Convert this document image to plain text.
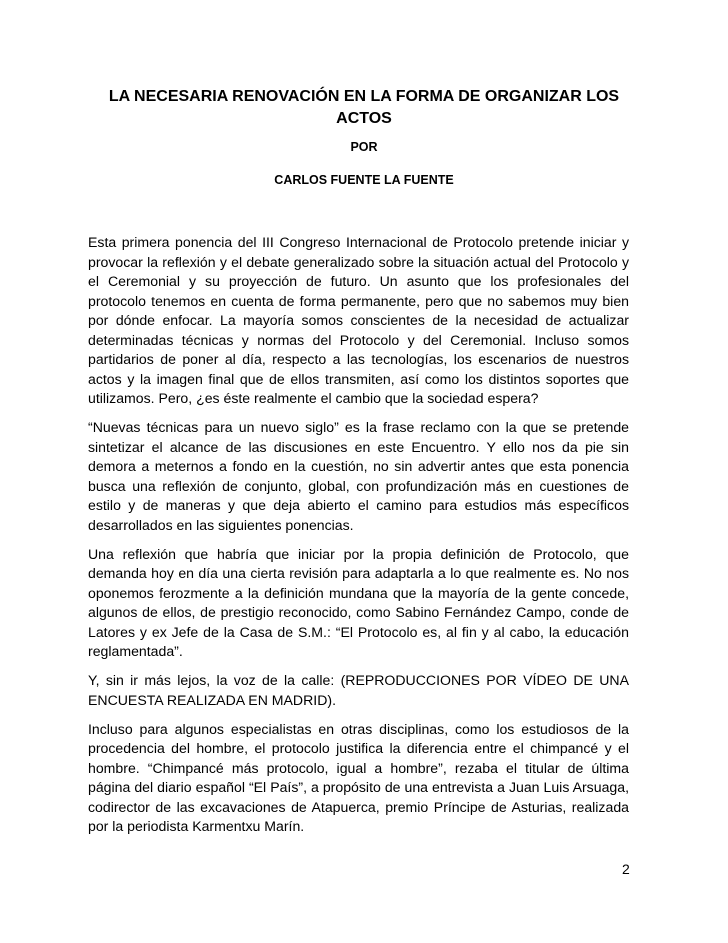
LA NECESARIA RENOVACIÓN EN LA FORMA DE ORGANIZAR LOS ACTOS

POR

CARLOS FUENTE LA FUENTE

Esta primera ponencia del III Congreso Internacional de Protocolo pretende iniciar y provocar la reflexión y el debate generalizado sobre la situación actual del Protocolo y el Ceremonial y su proyección de futuro. Un asunto que los profesionales del protocolo tenemos en cuenta de forma permanente, pero que no sabemos muy bien por dónde enfocar. La mayoría somos conscientes de la necesidad de actualizar determinadas técnicas y normas del Protocolo y del Ceremonial. Incluso somos partidarios de poner al día, respecto a las tecnologías, los escenarios de nuestros actos y la imagen final que de ellos transmiten, así como los distintos soportes que utilizamos. Pero, ¿es éste realmente el cambio que la sociedad espera?

“Nuevas técnicas para un nuevo siglo” es la frase reclamo con la que se pretende sintetizar el alcance de las discusiones en este Encuentro. Y ello nos da pie sin demora a meternos a fondo en la cuestión, no sin advertir antes que esta ponencia busca una reflexión de conjunto, global, con profundización más en cuestiones de estilo y de maneras y que deja abierto el camino para estudios más específicos desarrollados en las siguientes ponencias.

Una reflexión que habría que iniciar por la propia definición de Protocolo, que demanda hoy en día una cierta revisión para adaptarla a lo que realmente es. No nos oponemos ferozmente a la definición mundana que la mayoría de la gente concede, algunos de ellos, de prestigio reconocido, como Sabino Fernández Campo, conde de Latores y ex Jefe de la Casa de S.M.: “El Protocolo es, al fin y al cabo, la educación reglamentada”.

Y, sin ir más lejos, la voz de la calle: (REPRODUCCIONES POR VÍDEO DE UNA ENCUESTA REALIZADA EN MADRID).

Incluso para algunos especialistas en otras disciplinas, como los estudiosos de la procedencia del hombre, el protocolo justifica la diferencia entre el chimpancé y el hombre. “Chimpancé más protocolo, igual a hombre”, rezaba el titular de última página del diario español “El País”, a propósito de una entrevista a Juan Luis Arsuaga, codirector de las excavaciones de Atapuerca, premio Príncipe de Asturias, realizada por la periodista Karmentxu Marín.

2
